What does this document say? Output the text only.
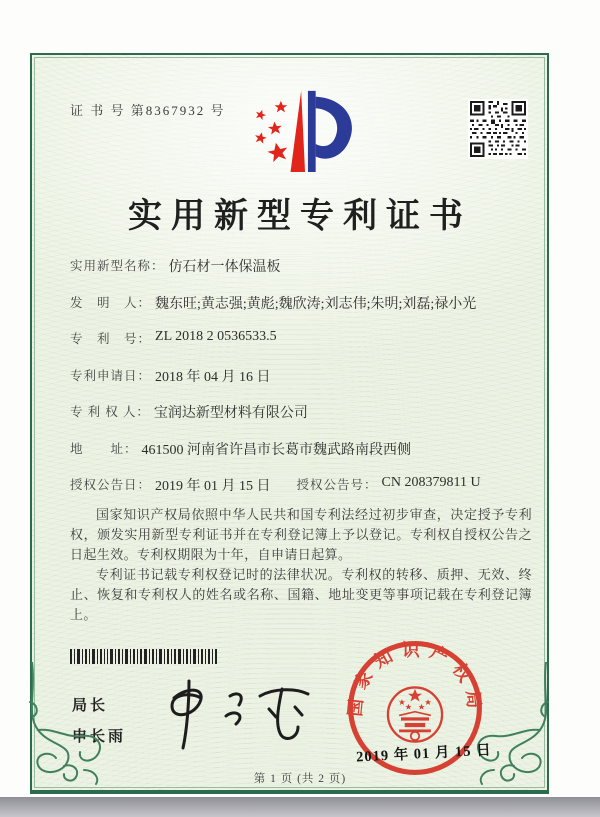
证 书 号 第8367932 号
实用新型专利证书
实用新型名称： 仿石材一体保温板
发　明　人： 魏东旺;黄志强;黄彪;魏欣涛;刘志伟;朱明;刘磊;禄小光
专　利　号： ZL 2018 2 0536533.5
专利申请日： 2018 年 04 月 16 日
专 利 权 人： 宝润达新型材料有限公司
地　　址： 461500 河南省许昌市长葛市魏武路南段西侧
授权公告日： 2019 年 01 月 15 日 授权公告号： CN 208379811 U

国家知识产权局依照中华人民共和国专利法经过初步审查，决定授予专利权，颁发实用新型专利证书并在专利登记簿上予以登记。专利权自授权公告之日起生效。专利权期限为十年，自申请日起算。

专利证书记载专利权登记时的法律状况。专利权的转移、质押、无效、终止、恢复和专利权人的姓名或名称、国籍、地址变更等事项记载在专利登记簿上。

局长
申长雨
国家知识产权局
2019 年 01 月 15 日
第 1 页 (共 2 页)
